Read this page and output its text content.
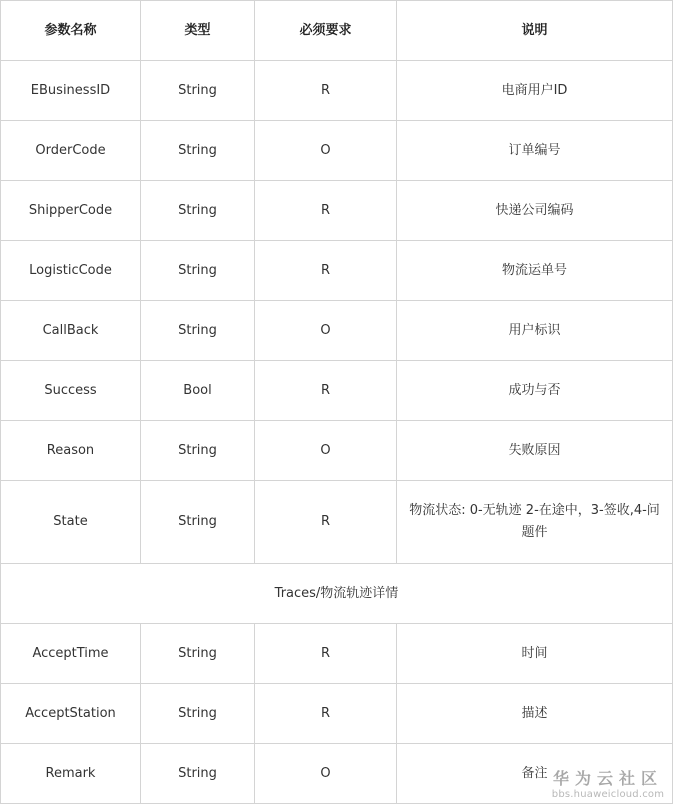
参数名称	类型	必须要求	说明
EBusinessID	String	R	电商用户ID
OrderCode	String	O	订单编号
ShipperCode	String	R	快递公司编码
LogisticCode	String	R	物流运单号
CallBack	String	O	用户标识
Success	Bool	R	成功与否
Reason	String	O	失败原因
State	String	R	物流状态: 0-无轨迹 2-在途中，3-签收,4-问题件
Traces/物流轨迹详情			
AcceptTime	String	R	时间
AcceptStation	String	R	描述
Remark	String	O	备注 华为云社区
bbs.huaweicloud.com
